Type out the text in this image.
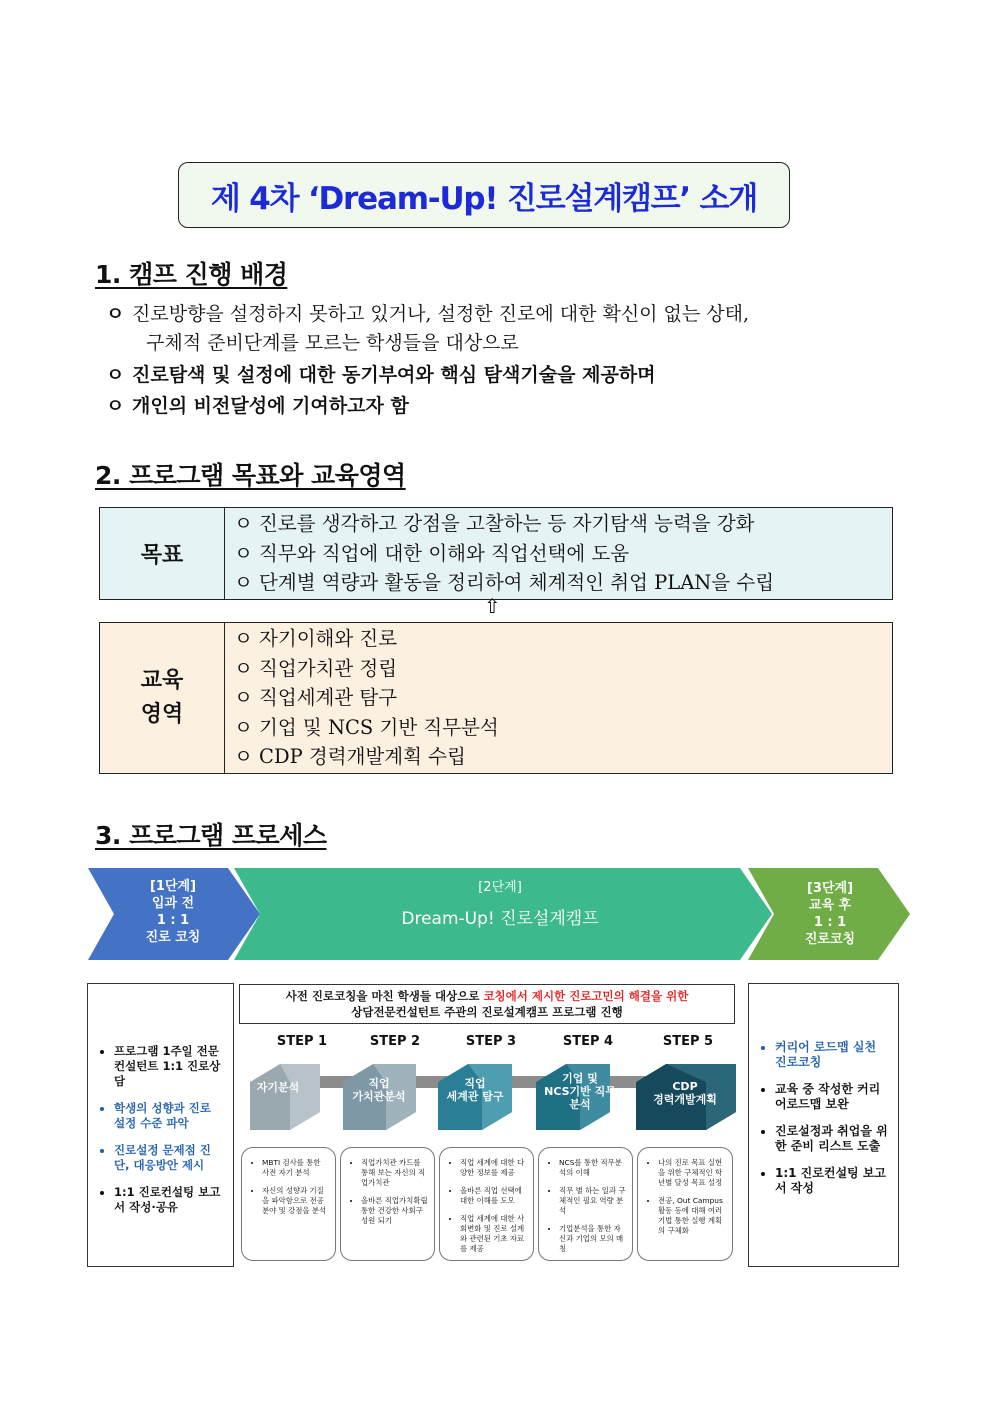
제 4차 ‘Dream-Up! 진로설계캠프’ 소개
1. 캠프 진행 배경
ㅇ 진로방향을 설정하지 못하고 있거나, 설정한 진로에 대한 확신이 없는 상태,
구체적 준비단계를 모르는 학생들을 대상으로
ㅇ 진로탐색 및 설정에 대한 동기부여와 핵심 탐색기술을 제공하며
ㅇ 개인의 비전달성에 기여하고자 함
2. 프로그램 목표와 교육영역
목표	
ㅇ 진로를 생각하고 강점을 고찰하는 등 자기탐색 능력을 강화
ㅇ 직무와 직업에 대한 이해와 직업선택에 도움
ㅇ 단계별 역량과 활동을 정리하여 체계적인 취업 PLAN을 수립
⇧
교육
영역

ㅇ 자기이해와 진로
ㅇ 직업가치관 정립
ㅇ 직업세계관 탐구
ㅇ 기업 및 NCS 기반 직무분석
ㅇ CDP 경력개발계획 수립
3. 프로그램 프로세스
[1단계]
입과 전
1 : 1
진로 코칭
[2단계]
Dream-Up! 진로설계캠프
[3단계]
교육 후
1 : 1
진로코칭
• 프로그램 1주일 전문 컨설턴트 1:1 진로상담
• 학생의 성향과 진로 설정 수준 파악
• 진로설정 문제점 진단, 대응방안 제시
• 1:1 진로컨설팅 보고서 작성·공유
사전 진로코칭을 마친 학생들 대상으로 코칭에서 제시한 진로고민의 해결을 위한
상담전문컨설턴트 주관의 진로설계캠프 프로그램 진행
STEP 1	STEP 2	STEP 3	STEP 4	STEP 5
자기분석	직업
가치관분석
직업
세계관 탐구
기업 및
NCS기반 직무
분석
CDP
경력개발계획
• MBTI 검사를 통한 사전 자기 분석
• 자신의 성향과 기질을 파악함으로 전공분야 및 강점을 분석
• 직업가치관 카드를 통해 보는 자신의 직업가치관
• 올바른 직업가치확립 통한 건강한 사회구성원 되기
• 직업 세계에 대한 다양한 정보를 제공
• 올바른 직업 선택에 대한 이해를 도모
• 직업 세계에 대한 사회변화 및 진로 설계와 관련된 기초 자료를 제공
• NCS를 통한 직무분석의 이해
• 직무 별 하는 일과 구체적인 필요 역량 분석
• 기업분석을 통한 자신과 기업의 모의 매칭
• 나의 진로 목표 실현을 위한 구체적인 학년별 달성 목표 설정
• 전공, Out Campus 활동 등에 대해 여러 기법 통한 실행 계획의 구체화
• 커리어 로드맵 실천 진로코칭
• 교육 중 작성한 커리어로드맵 보완
• 진로설정과 취업을 위한 준비 리스트 도출
• 1:1 진로컨설팅 보고서 작성
